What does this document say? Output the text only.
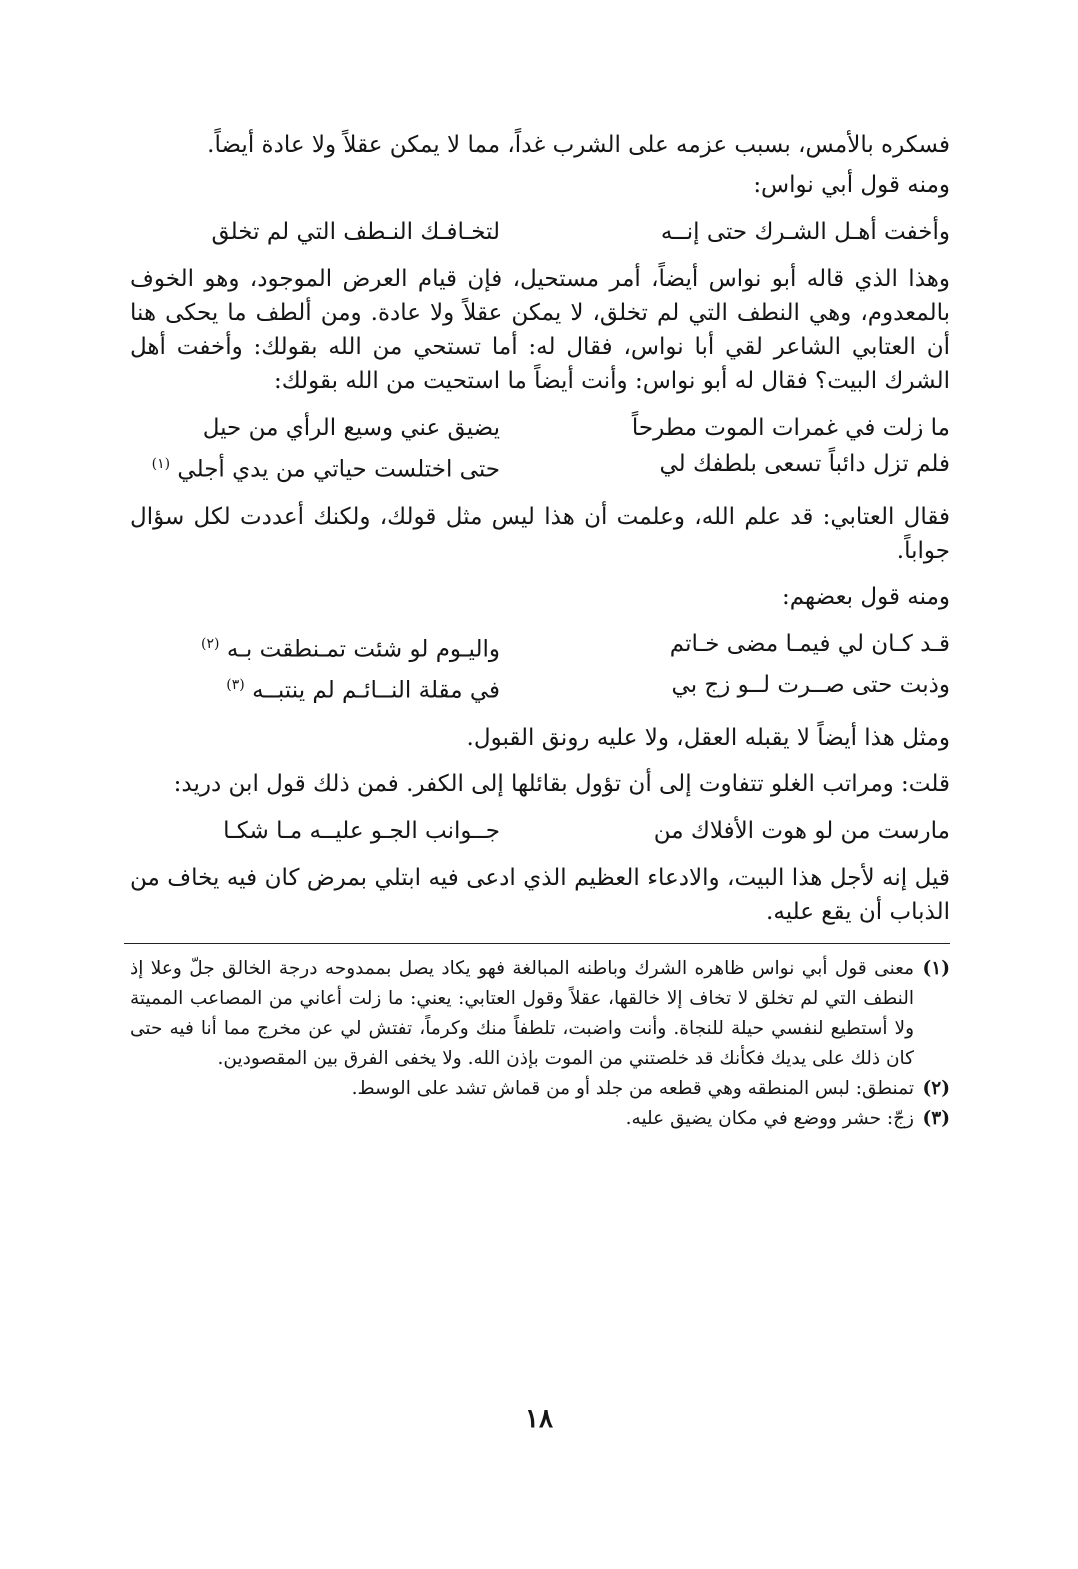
فسكره بالأمس، بسبب عزمه على الشرب غداً، مما لا يمكن عقلاً ولا عادة أيضاً.

ومنه قول أبي نواس:

وأخفت أهـل الشـرك حتى إنــه
لتخـافـك النـطف التي لم تخلق

وهذا الذي قاله أبو نواس أيضاً، أمر مستحيل، فإن قيام العرض الموجود، وهو الخوف بالمعدوم، وهي النطف التي لم تخلق، لا يمكن عقلاً ولا عادة. ومن ألطف ما يحكى هنا أن العتابي الشاعر لقي أبا نواس، فقال له: أما تستحي من الله بقولك: وأخفت أهل الشرك البيت؟ فقال له أبو نواس: وأنت أيضاً ما استحيت من الله بقولك:

ما زلت في غمرات الموت مطرحاً
يضيق عني وسيع الرأي من حيل
فلم تزل دائباً تسعى بلطفك لي
حتى اختلست حياتي من يدي أجلي $^{(١)}$

فقال العتابي: قد علم الله، وعلمت أن هذا ليس مثل قولك، ولكنك أعددت لكل سؤال جواباً.

ومنه قول بعضهم:

قـد كـان لي فيمـا مضى خـاتم
واليـوم لو شئت تمـنطقت بـه $^{(٢)}$
وذبت حتى صــرت لــو زج بي
في مقلة النــائـم لم ينتبــه $^{(٣)}$

ومثل هذا أيضاً لا يقبله العقل، ولا عليه رونق القبول.

قلت: ومراتب الغلو تتفاوت إلى أن تؤول بقائلها إلى الكفر. فمن ذلك قول ابن دريد:

مارست من لو هوت الأفلاك من
جــوانب الجـو عليــه مـا شكـا

قيل إنه لأجل هذا البيت، والادعاء العظيم الذي ادعى فيه ابتلي بمرض كان فيه يخاف من الذباب أن يقع عليه.

(١)
معنى قول أبي نواس ظاهره الشرك وباطنه المبالغة فهو يكاد يصل بممدوحه درجة الخالق جلّ وعلا إذ النطف التي لم تخلق لا تخاف إلا خالقها، عقلاً وقول العتابي: يعني: ما زلت أعاني من المصاعب المميتة ولا أستطيع لنفسي حيلة للنجاة. وأنت واضبت، تلطفاً منك وكرماً، تفتش لي عن مخرج مما أنا فيه حتى كان ذلك على يديك فكأنك قد خلصتني من الموت بإذن الله. ولا يخفى الفرق بين المقصودين.

(٢)
تمنطق: لبس المنطقه وهي قطعه من جلد أو من قماش تشد على الوسط.

(٣)
زجّ: حشر ووضع في مكان يضيق عليه.

١٨
